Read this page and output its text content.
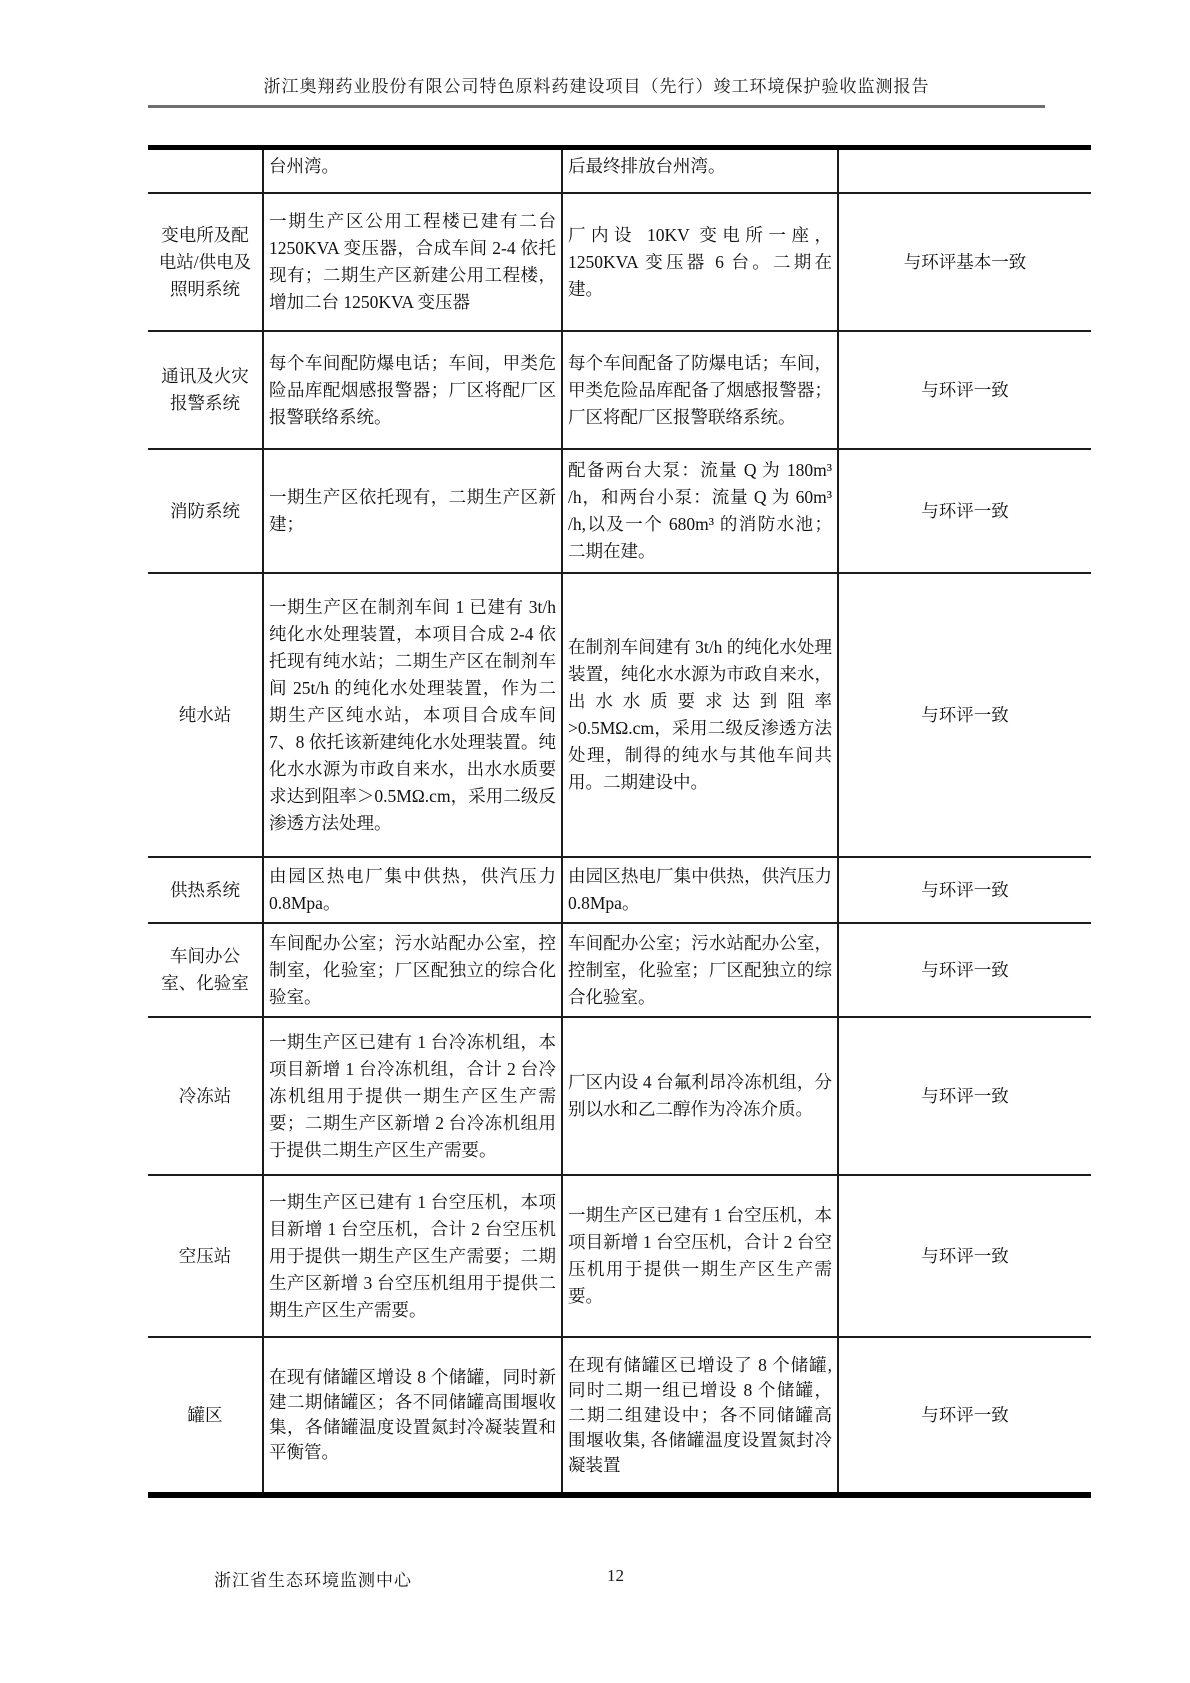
浙江奥翔药业股份有限公司特色原料药建设项目（先行）竣工环境保护验收监测报告
	台州湾。	后最终排放台州湾。	
变电所及配电站/供电及照明系统	一期生产区公用工程楼已建有二台 1250KVA 变压器，合成车间 2-4 依托现有；二期生产区新建公用工程楼，增加二台 1250KVA 变压器	厂内设 10KV 变电所一座，1250KVA 变压器 6 台。二期在建。	与环评基本一致
通讯及火灾报警系统	每个车间配防爆电话；车间，甲类危险品库配烟感报警器；厂区将配厂区报警联络系统。	每个车间配备了防爆电话；车间，甲类危险品库配备了烟感报警器；厂区将配厂区报警联络系统。	与环评一致
消防系统	一期生产区依托现有，二期生产区新建；	配备两台大泵：流量 Q 为 180m³ /h，和两台小泵：流量 Q 为 60m³ /h,以及一个 680m³ 的消防水池；二期在建。	与环评一致
纯水站	一期生产区在制剂车间 1 已建有 3t/h 纯化水处理装置，本项目合成 2-4 依托现有纯水站；二期生产区在制剂车间 25t/h 的纯化水处理装置，作为二期生产区纯水站，本项目合成车间 7、8 依托该新建纯化水处理装置。纯化水水源为市政自来水，出水水质要求达到阻率＞0.5MΩ.cm，采用二级反渗透方法处理。	在制剂车间建有 3t/h 的纯化水处理装置，纯化水水源为市政自来水，出水水质要求达到阻率>0.5MΩ.cm，采用二级反渗透方法处理，制得的纯水与其他车间共用。二期建设中。	与环评一致
供热系统	由园区热电厂集中供热，供汽压力 0.8Mpa。	由园区热电厂集中供热，供汽压力 0.8Mpa。	与环评一致
车间办公室、化验室	车间配办公室；污水站配办公室，控制室，化验室；厂区配独立的综合化验室。	车间配办公室；污水站配办公室，控制室，化验室；厂区配独立的综合化验室。	与环评一致
冷冻站	一期生产区已建有 1 台冷冻机组，本项目新增 1 台冷冻机组，合计 2 台冷冻机组用于提供一期生产区生产需要；二期生产区新增 2 台冷冻机组用于提供二期生产区生产需要。	厂区内设 4 台氟利昂冷冻机组，分别以水和乙二醇作为冷冻介质。	与环评一致
空压站	一期生产区已建有 1 台空压机，本项目新增 1 台空压机，合计 2 台空压机用于提供一期生产区生产需要；二期生产区新增 3 台空压机组用于提供二期生产区生产需要。	一期生产区已建有 1 台空压机，本项目新增 1 台空压机，合计 2 台空压机用于提供一期生产区生产需要。	与环评一致
罐区	在现有储罐区增设 8 个储罐，同时新建二期储罐区；各不同储罐高围堰收集，各储罐温度设置氮封冷凝装置和平衡管。	在现有储罐区已增设了 8 个储罐,同时二期一组已增设 8 个储罐， 二期二组建设中；各不同储罐高 围堰收集, 各储罐温度设置氮封冷凝装置	与环评一致
浙江省生态环境监测中心	12
